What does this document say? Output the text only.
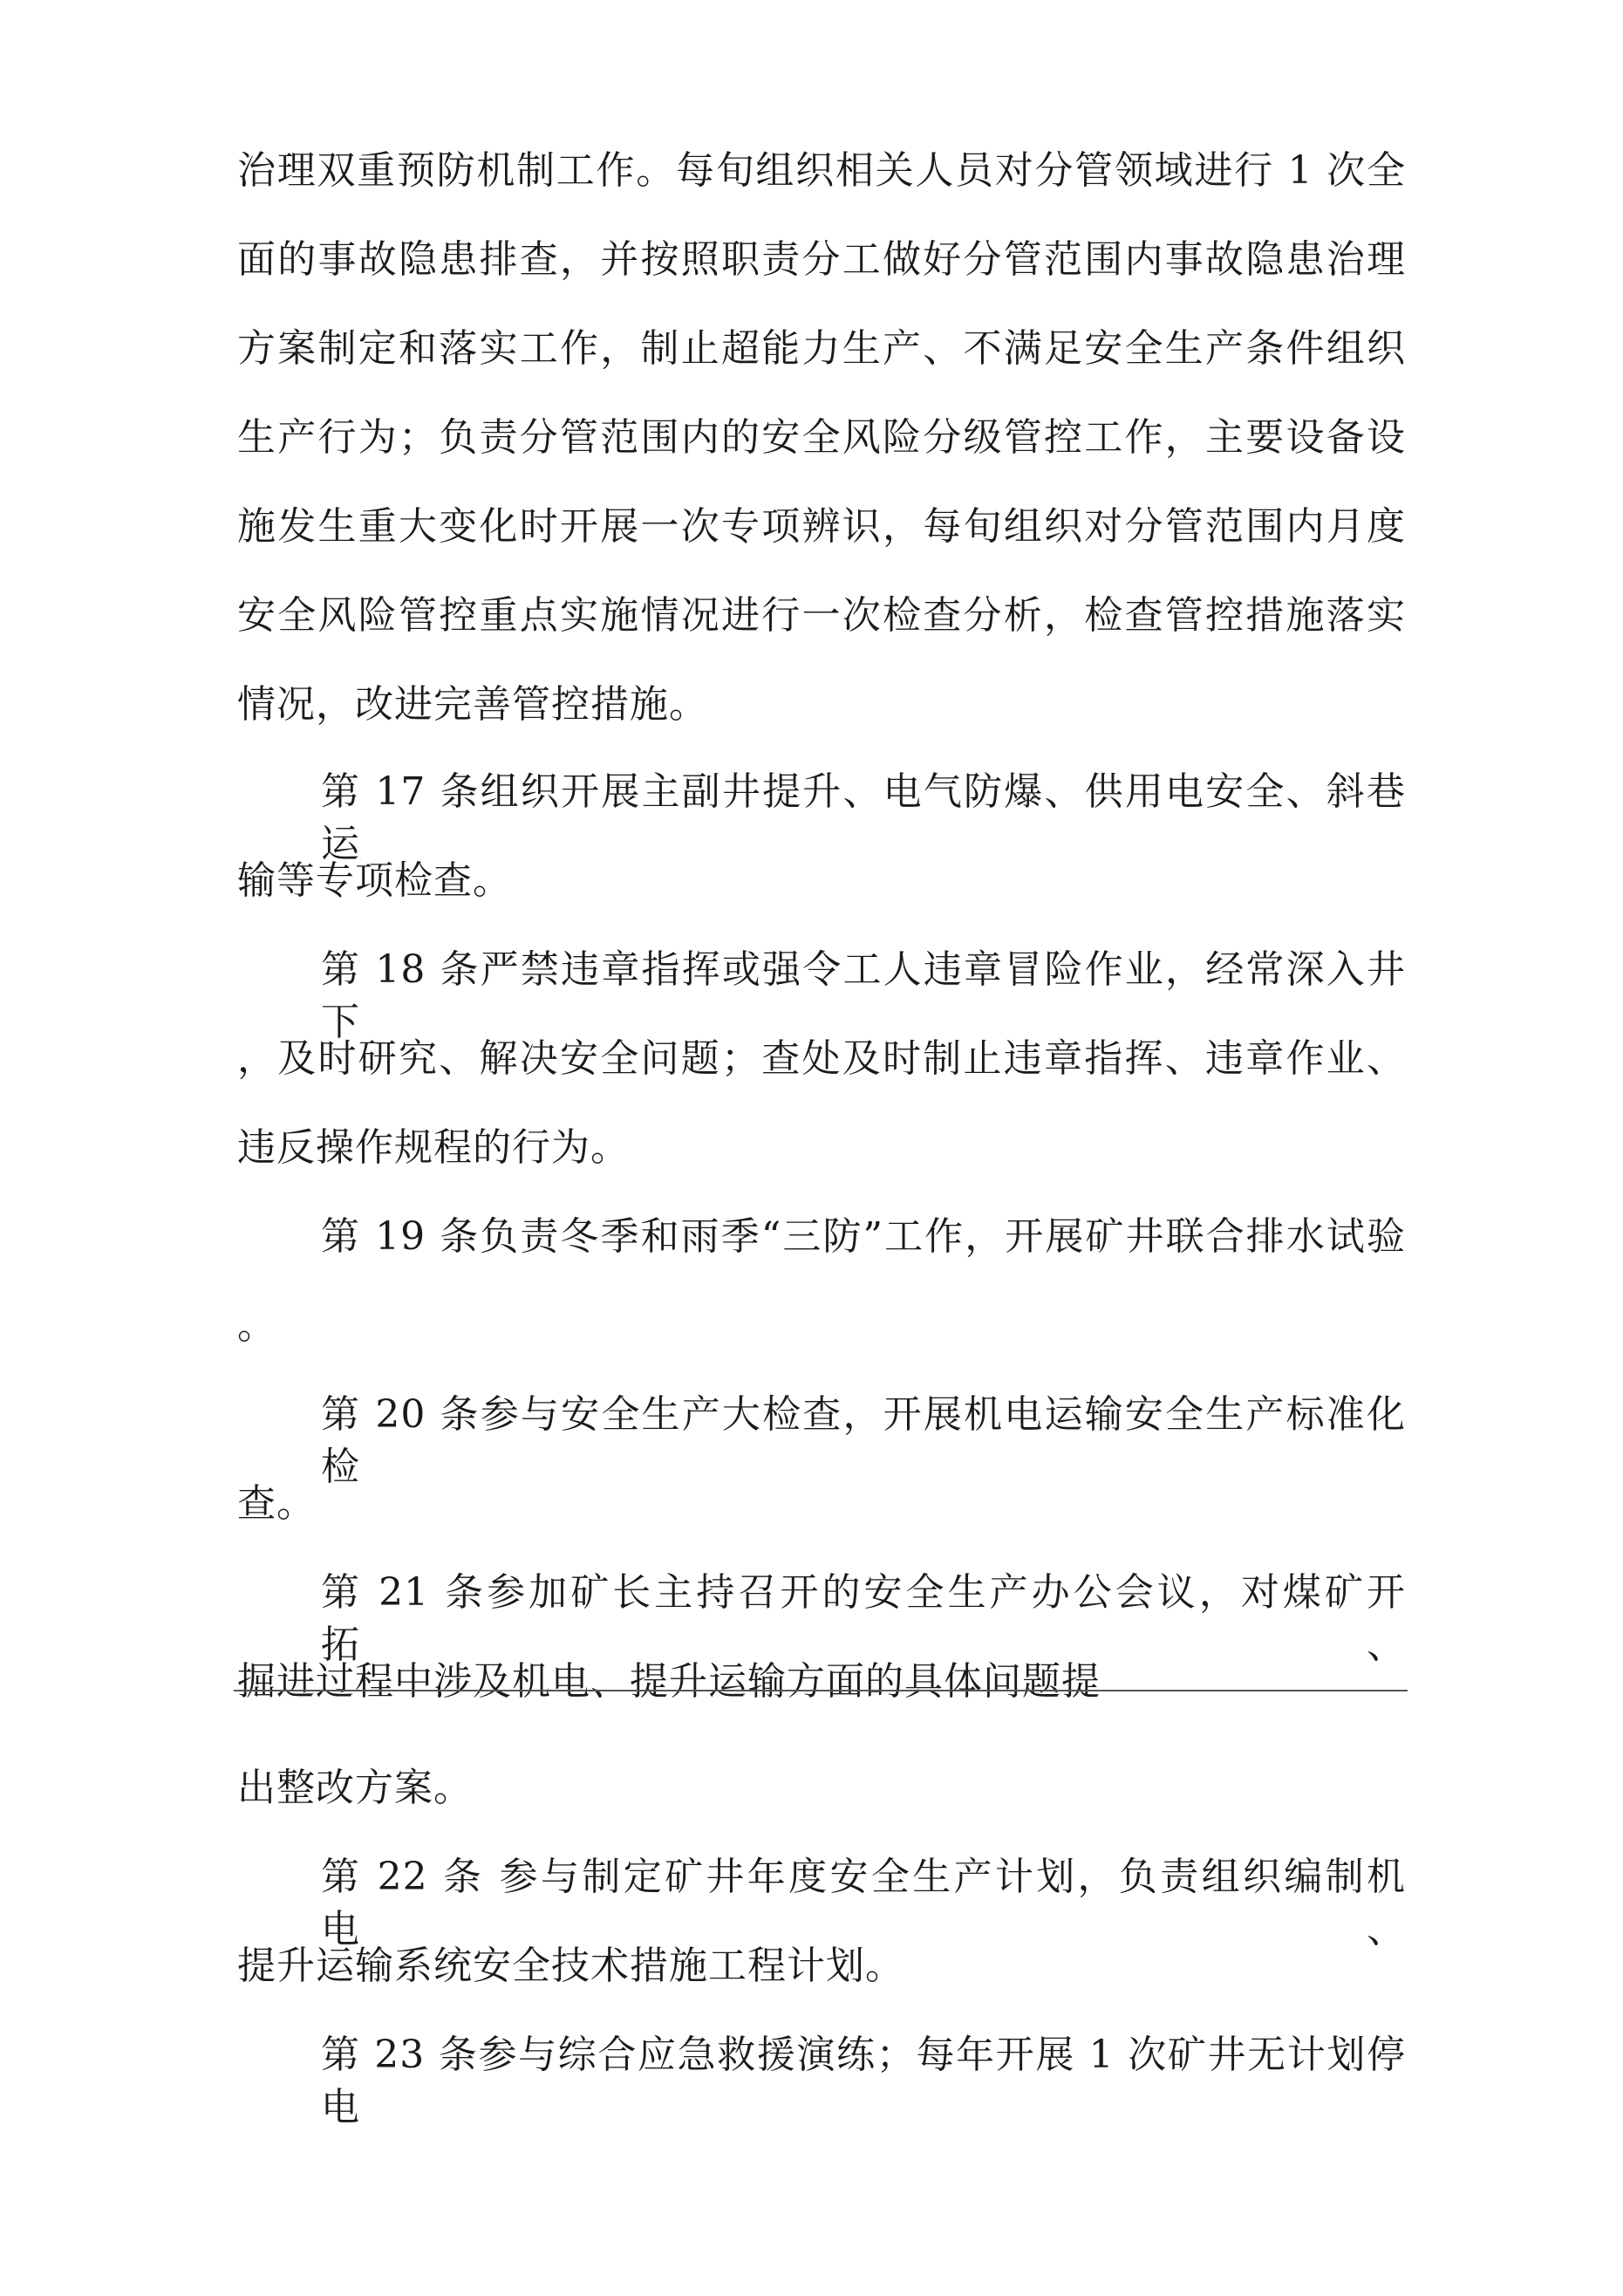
治理双重预防机制工作。每旬组织相关人员对分管领域进行 1 次全
面的事故隐患排查，并按照职责分工做好分管范围内事故隐患治理
方案制定和落实工作，制止超能力生产、不满足安全生产条件组织
生产行为；负责分管范围内的安全风险分级管控工作，主要设备设
施发生重大变化时开展一次专项辨识，每旬组织对分管范围内月度
安全风险管控重点实施情况进行一次检查分析，检查管控措施落实
情况，改进完善管控措施。
第 17 条组织开展主副井提升、电气防爆、供用电安全、斜巷运
输等专项检查。
第 18 条严禁违章指挥或强令工人违章冒险作业，经常深入井下
，及时研究、解决安全问题；查处及时制止违章指挥、违章作业、
违反操作规程的行为。
第 19 条负责冬季和雨季“三防”工作，开展矿井联合排水试验
。
第 20 条参与安全生产大检查，开展机电运输安全生产标准化检
查。
第 21 条参加矿长主持召开的安全生产办公会议，对煤矿开拓、
掘进过程中涉及机电、提升运输方面的具体问题提
出整改方案。
第 22 条 参与制定矿井年度安全生产计划，负责组织编制机电、
提升运输系统安全技术措施工程计划。
第 23 条参与综合应急救援演练；每年开展 1 次矿井无计划停电
